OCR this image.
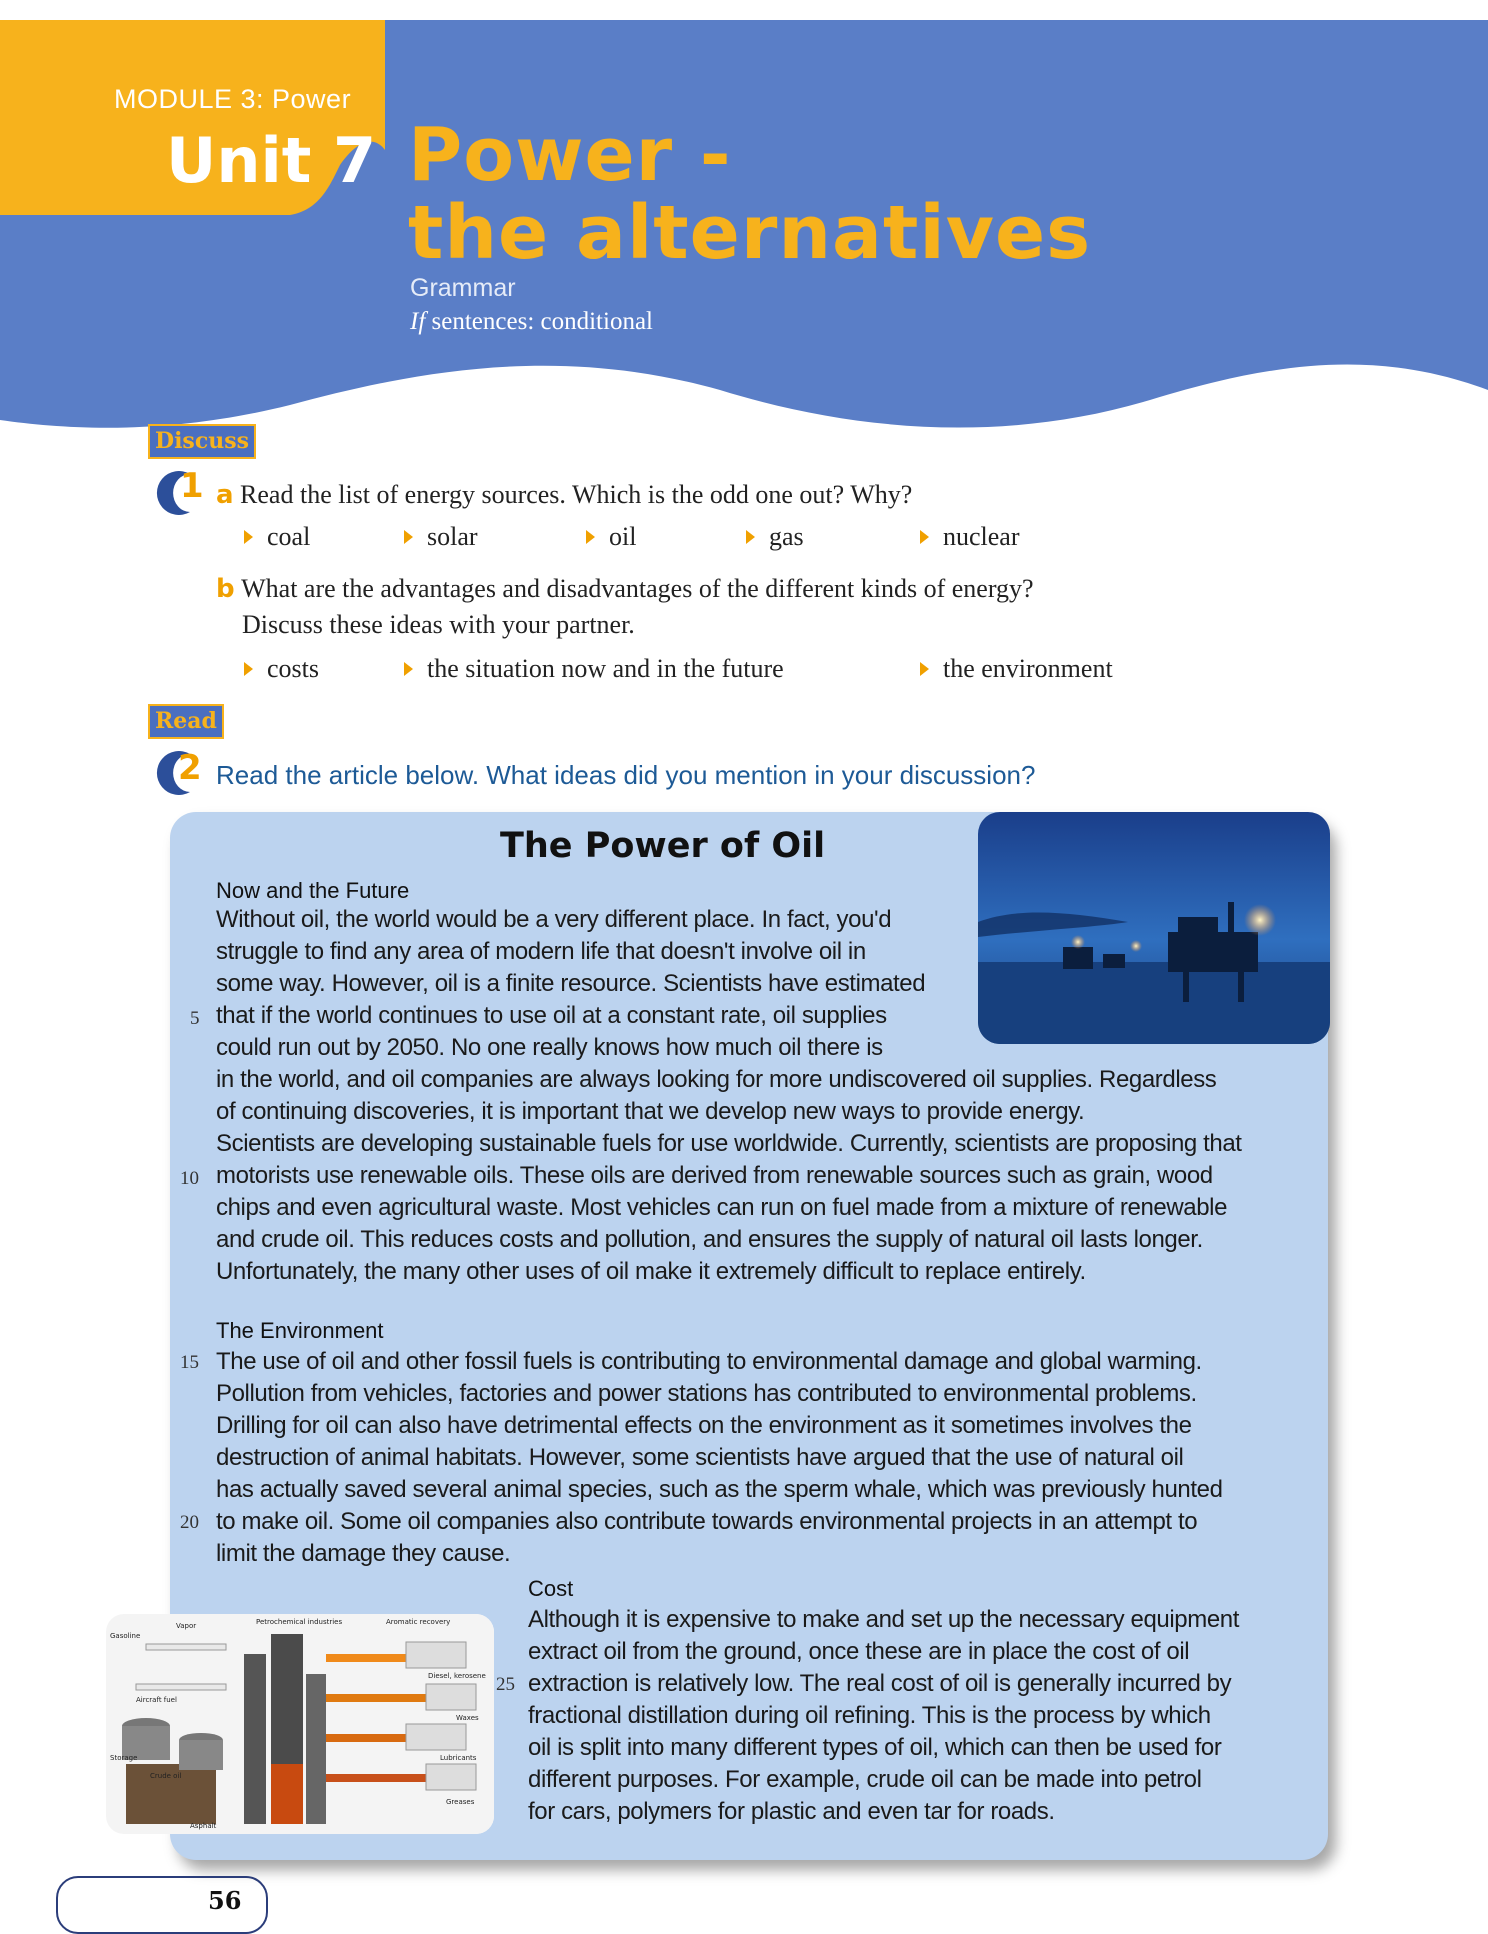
MODULE 3: Power
Unit 7 Power -
the alternatives
Grammar
If sentences: conditional
Discuss
1 a Read the list of energy sources. Which is the odd one out? Why?
coal	solar	oil	gas	nuclear
b What are the advantages and disadvantages of the different kinds of energy?
Discuss these ideas with your partner.
costs	the situation now and in the future	the environment
Read
2 Read the article below. What ideas did you mention in your discussion?
The Power of Oil
Now and the Future
Without oil, the world would be a very different place. In fact, you'd
struggle to find any area of modern life that doesn't involve oil in
some way. However, oil is a finite resource. Scientists have estimated
that if the world continues to use oil at a constant rate, oil supplies
could run out by 2050. No one really knows how much oil there is
in the world, and oil companies are always looking for more undiscovered oil supplies. Regardless
of continuing discoveries, it is important that we develop new ways to provide energy.
Scientists are developing sustainable fuels for use worldwide. Currently, scientists are proposing that
motorists use renewable oils. These oils are derived from renewable sources such as grain, wood
chips and even agricultural waste. Most vehicles can run on fuel made from a mixture of renewable
and crude oil. This reduces costs and pollution, and ensures the supply of natural oil lasts longer.
Unfortunately, the many other uses of oil make it extremely difficult to replace entirely.
The Environment
The use of oil and other fossil fuels is contributing to environmental damage and global warming.
Pollution from vehicles, factories and power stations has contributed to environmental problems.
Drilling for oil can also have detrimental effects on the environment as it sometimes involves the
destruction of animal habitats. However, some scientists have argued that the use of natural oil
has actually saved several animal species, such as the sperm whale, which was previously hunted
to make oil. Some oil companies also contribute towards environmental projects in an attempt to
limit the damage they cause.
Cost
Although it is expensive to make and set up the necessary equipment
extract oil from the ground, once these are in place the cost of oil
extraction is relatively low. The real cost of oil is generally incurred by
fractional distillation during oil refining. This is the process by which
oil is split into many different types of oil, which can then be used for
different purposes. For example, crude oil can be made into petrol
for cars, polymers for plastic and even tar for roads.
5
10
15
20
25
Gasoline
Vapor	Petrochemical industries	Aromatic recovery
Diesel, kerosene
Aircraft fuel
Storage
Crude oil
Asphalt
Waxes
Lubricants
Greases
56
